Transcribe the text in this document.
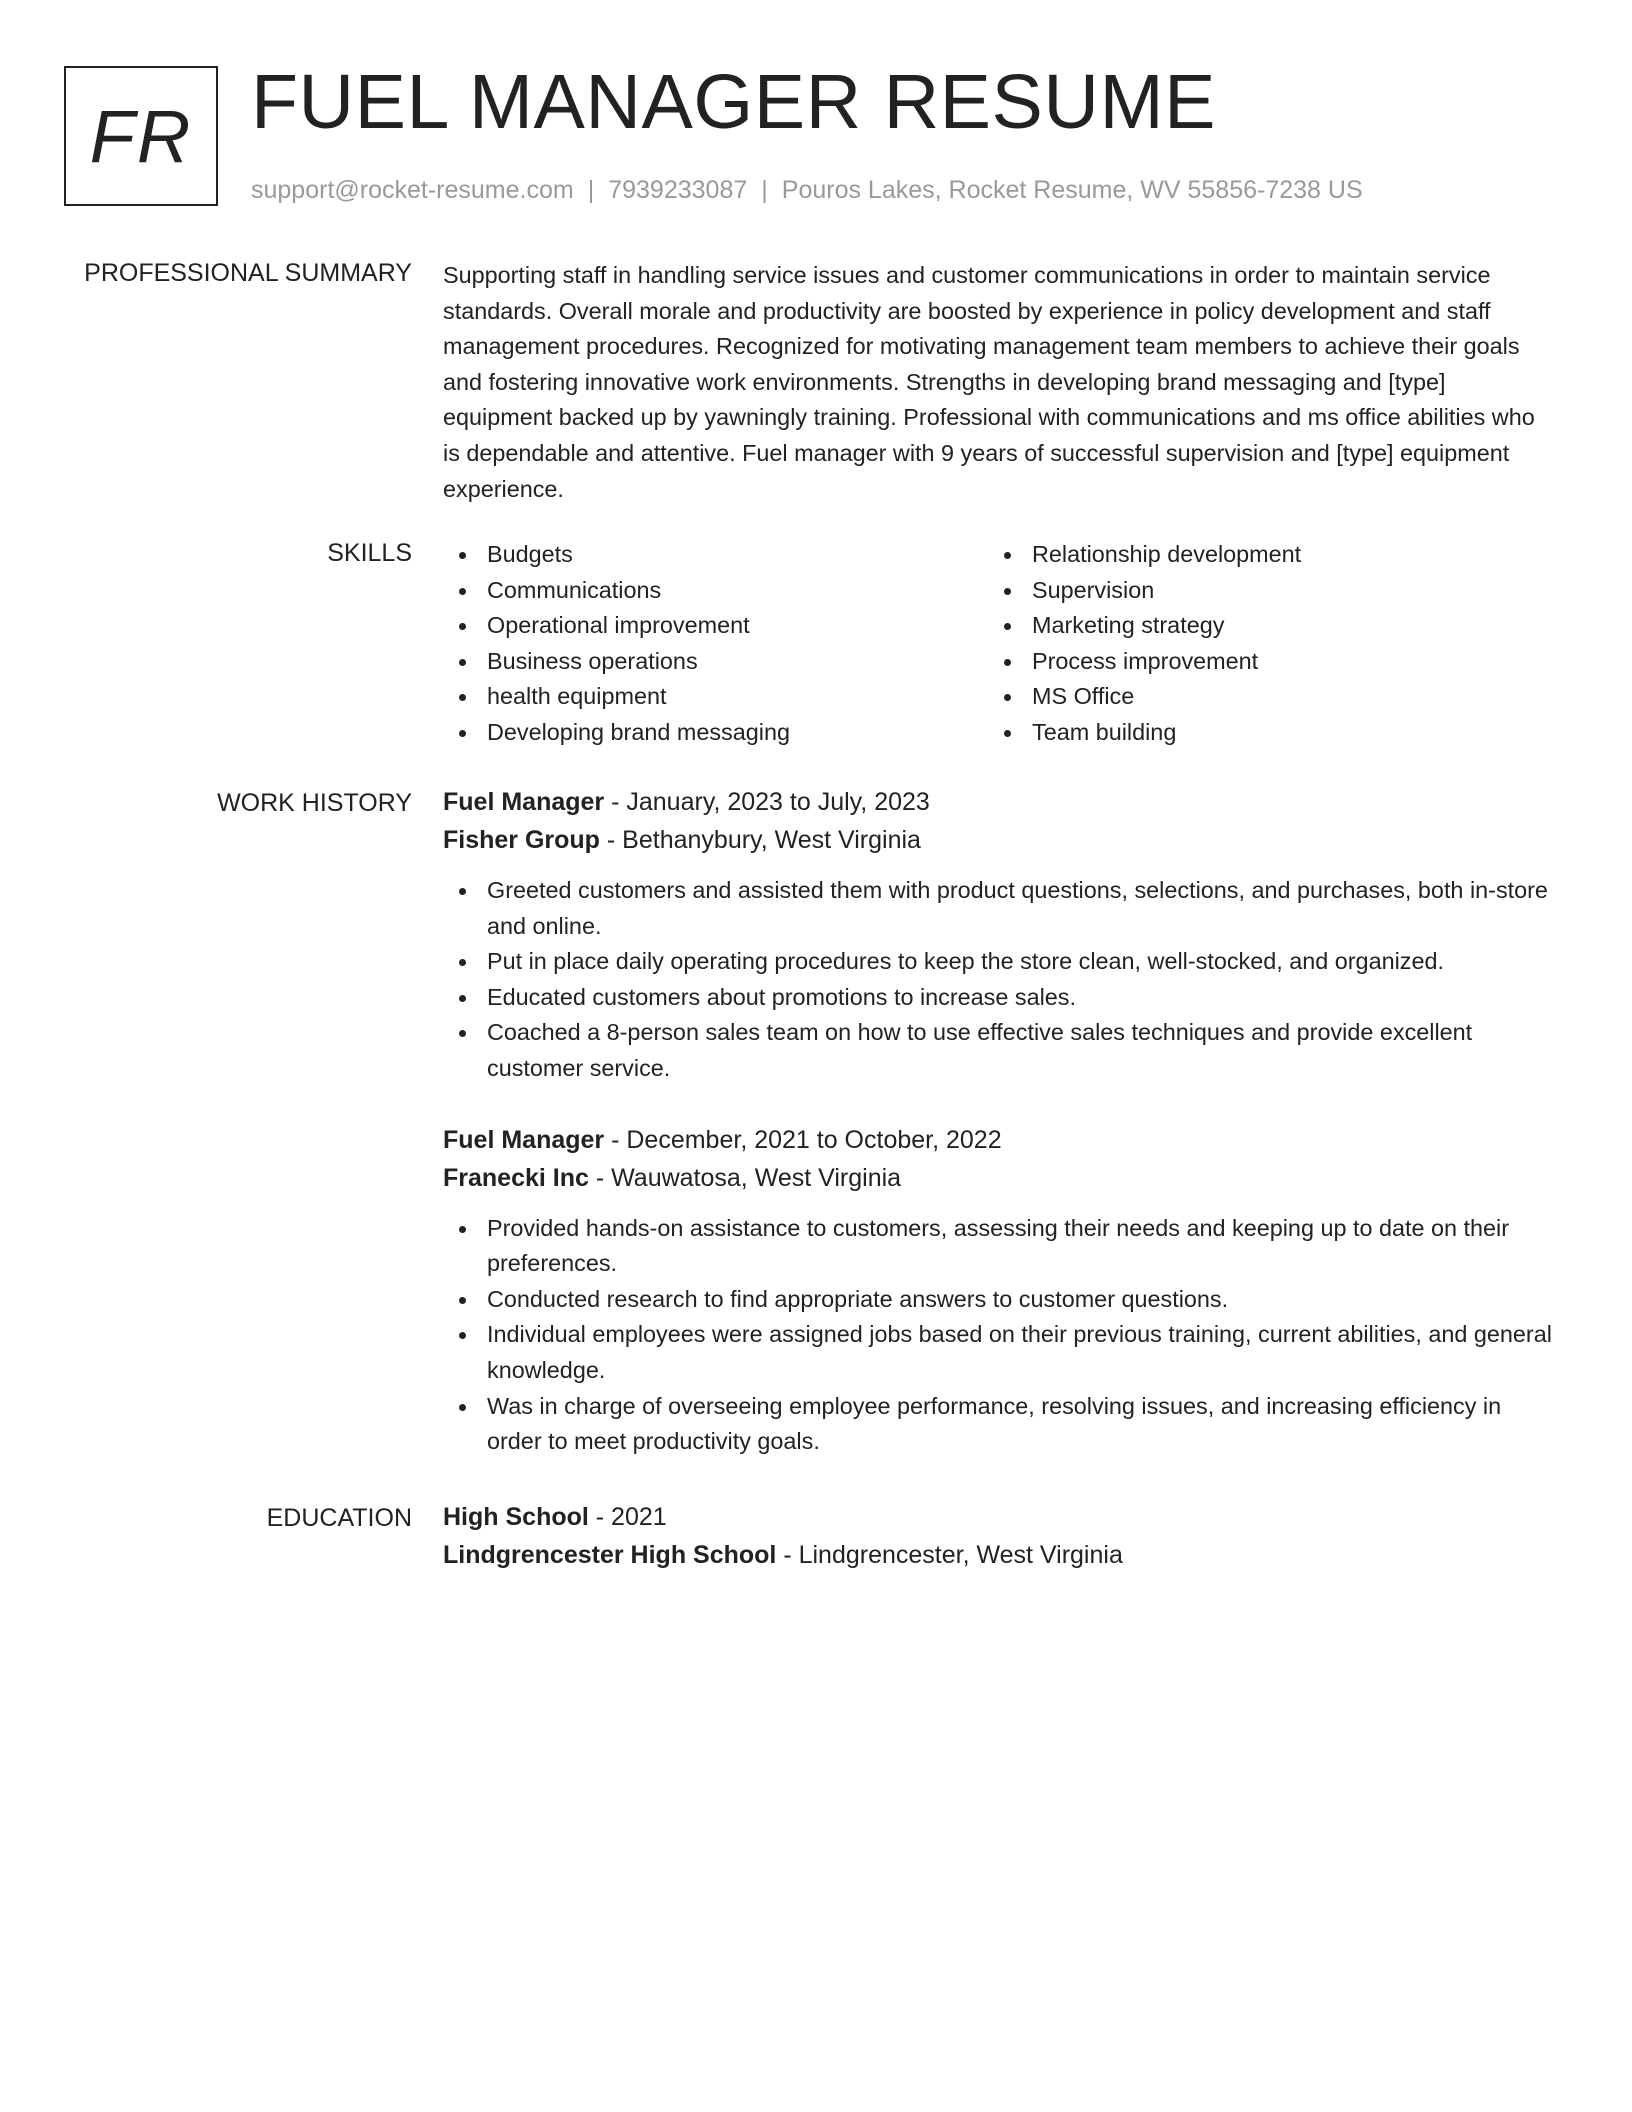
FR FUEL MANAGER RESUME
support@rocket-resume.com | 7939233087 | Pouros Lakes, Rocket Resume, WV 55856-7238 US
PROFESSIONAL SUMMARY Supporting staff in handling service issues and customer communications in order to maintain service standards. Overall morale and productivity are boosted by experience in policy development and staff management procedures. Recognized for motivating management team members to achieve their goals and fostering innovative work environments. Strengths in developing brand messaging and [type] equipment backed up by yawningly training. Professional with communications and ms office abilities who is dependable and attentive. Fuel manager with 9 years of successful supervision and [type] equipment experience.

SKILLS	Budgets
Communications
Operational improvement
Business operations
health equipment
Developing brand messaging
Relationship development
Supervision
Marketing strategy
Process improvement
MS Office
Team building
WORK HISTORY Fuel Manager - January, 2023 to July, 2023
Fisher Group - Bethanybury, West Virginia
Greeted customers and assisted them with product questions, selections, and purchases, both in-store and online.
Put in place daily operating procedures to keep the store clean, well-stocked, and organized.
Educated customers about promotions to increase sales.
Coached a 8-person sales team on how to use effective sales techniques and provide excellent customer service.
Fuel Manager - December, 2021 to October, 2022
Franecki Inc - Wauwatosa, West Virginia
Provided hands-on assistance to customers, assessing their needs and keeping up to date on their preferences.
Conducted research to find appropriate answers to customer questions.
Individual employees were assigned jobs based on their previous training, current abilities, and general knowledge.
Was in charge of overseeing employee performance, resolving issues, and increasing efficiency in order to meet productivity goals.
EDUCATION High School - 2021
Lindgrencester High School - Lindgrencester, West Virginia
